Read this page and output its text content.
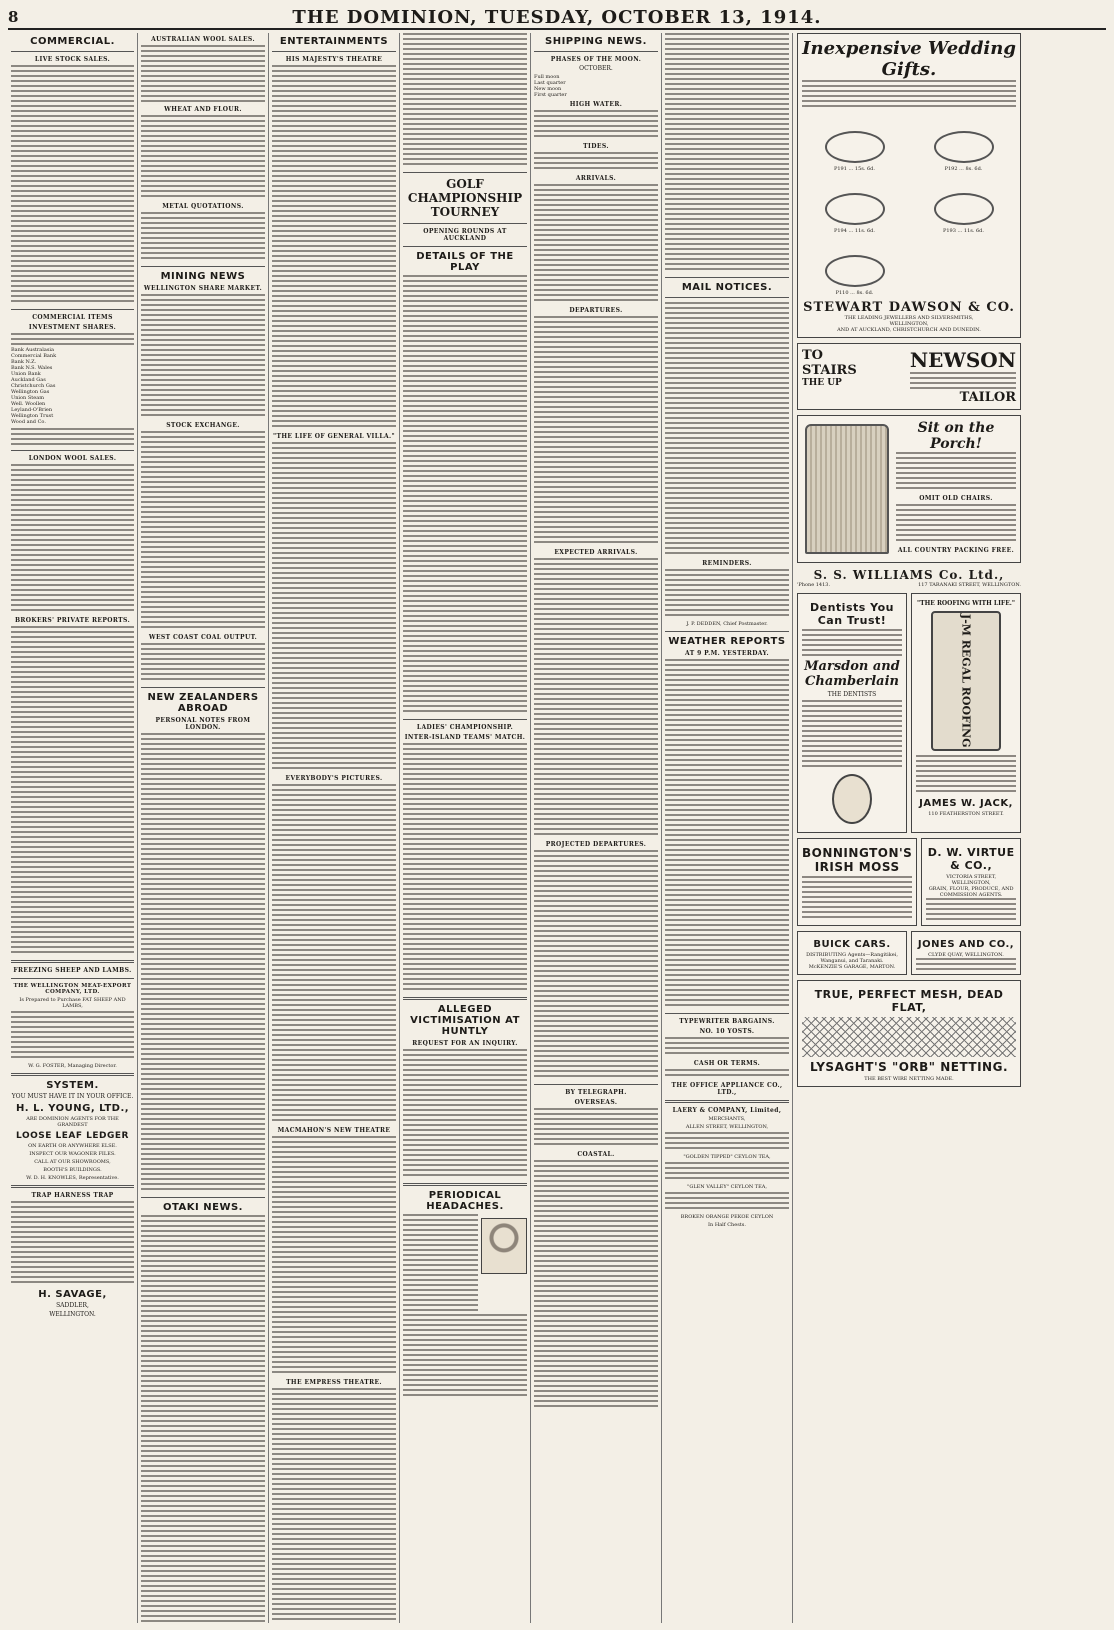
8	THE DOMINION, TUESDAY, OCTOBER 13, 1914.
COMMERCIAL.
LIVE STOCK SALES.
COMMERCIAL ITEMS
INVESTMENT SHARES.
Bank Australasia
Commercial Bank
Bank N.Z.
Bank N.S. Wales
Union Bank
Auckland Gas
Christchurch Gas
Wellington Gas
Union Steam
Well. Woollen
Leyland-O'Brien
Wellington Trust
Wood and Co.
LONDON WOOL SALES.
BROKERS' PRIVATE REPORTS.
FREEZING SHEEP AND LAMBS.
THE WELLINGTON MEAT-EXPORT COMPANY, LTD.
Is Prepared to Purchase FAT SHEEP AND LAMBS,
W. G. FOSTER, Managing Director.
SYSTEM.
YOU MUST HAVE IT IN YOUR OFFICE.
H. L. YOUNG, LTD.,
ARE DOMINION AGENTS FOR THE GRANDEST
LOOSE LEAF LEDGER
ON EARTH OR ANYWHERE ELSE.
INSPECT OUR WAGONER FILES.
CALL AT OUR SHOWROOMS,
BOOTH'S BUILDINGS.
W. D. H. KNOWLES, Representative.
TRAP HARNESS TRAP
H. SAVAGE,
SADDLER,
WELLINGTON.
AUSTRALIAN WOOL SALES.
WHEAT AND FLOUR.
METAL QUOTATIONS.
MINING NEWS
WELLINGTON SHARE MARKET.
STOCK EXCHANGE.
WEST COAST COAL OUTPUT.
NEW ZEALANDERS ABROAD
PERSONAL NOTES FROM LONDON.
OTAKI NEWS.
ENTERTAINMENTS
HIS MAJESTY'S THEATRE
"THE LIFE OF GENERAL VILLA."
EVERYBODY'S PICTURES.
MACMAHON'S NEW THEATRE
THE EMPRESS THEATRE.
GOLF CHAMPIONSHIP TOURNEY
OPENING ROUNDS AT AUCKLAND
DETAILS OF THE PLAY
LADIES' CHAMPIONSHIP.
INTER-ISLAND TEAMS' MATCH.
ALLEGED VICTIMISATION AT HUNTLY
REQUEST FOR AN INQUIRY.
PERIODICAL HEADACHES.
SHIPPING NEWS.
PHASES OF THE MOON.
OCTOBER.
Full moon
Last quarter
New moon
First quarter
HIGH WATER.
TIDES.
ARRIVALS.
DEPARTURES.
EXPECTED ARRIVALS.
PROJECTED DEPARTURES.
BY TELEGRAPH.
OVERSEAS.
COASTAL.
MAIL NOTICES.
REMINDERS.
J. P. DEDDEN, Chief Postmaster.
WEATHER REPORTS
AT 9 P.M. YESTERDAY.
TYPEWRITER BARGAINS.
NO. 10 YOSTS.
CASH OR TERMS.
THE OFFICE APPLIANCE CO., LTD.,
LAERY & COMPANY, Limited,
MERCHANTS,
ALLEN STREET, WELLINGTON,
"GOLDEN TIPPED" CEYLON TEA,
"GLEN VALLEY" CEYLON TEA,
BROKEN ORANGE PEKOE CEYLON
In Half Chests.
Inexpensive Wedding Gifts.
P191 ... 15s. 6d.	P192 ... 8s. 6d.
P194 ... 11s. 6d.	P193 ... 11s. 6d.
P110 ... 8s. 6d.
STEWART DAWSON & CO.
THE LEADING JEWELLERS AND SILVERSMITHS,
WELLINGTON,
AND AT AUCKLAND, CHRISTCHURCH AND DUNEDIN.
TO
STAIRS
THE UP
NEWSON
TAILOR
Sit on the Porch!
OMIT OLD CHAIRS.
ALL COUNTRY PACKING FREE.
S. S. WILLIAMS Co. Ltd.,
'Phone 1413.	117 TARANAKI STREET, WELLINGTON.
Dentists You Can Trust!
Marsdon and Chamberlain
THE DENTISTS
"THE ROOFING WITH LIFE."
J-M REGAL ROOFING
JAMES W. JACK,
110 FEATHERSTON STREET.
BONNINGTON'S IRISH MOSS
D. W. VIRTUE & CO.,
VICTORIA STREET, WELLINGTON,
GRAIN, FLOUR, PRODUCE, AND COMMISSION AGENTS.
BUICK CARS.
DISTRIBUTING Agents—Rangitikei, Wanganui, and Taranaki.
McKENZIE'S GARAGE, MARTON.
JONES AND CO.,
CLYDE QUAY, WELLINGTON.
TRUE, PERFECT MESH, DEAD FLAT,
LYSAGHT'S "ORB" NETTING.
THE BEST WIRE NETTING MADE.
